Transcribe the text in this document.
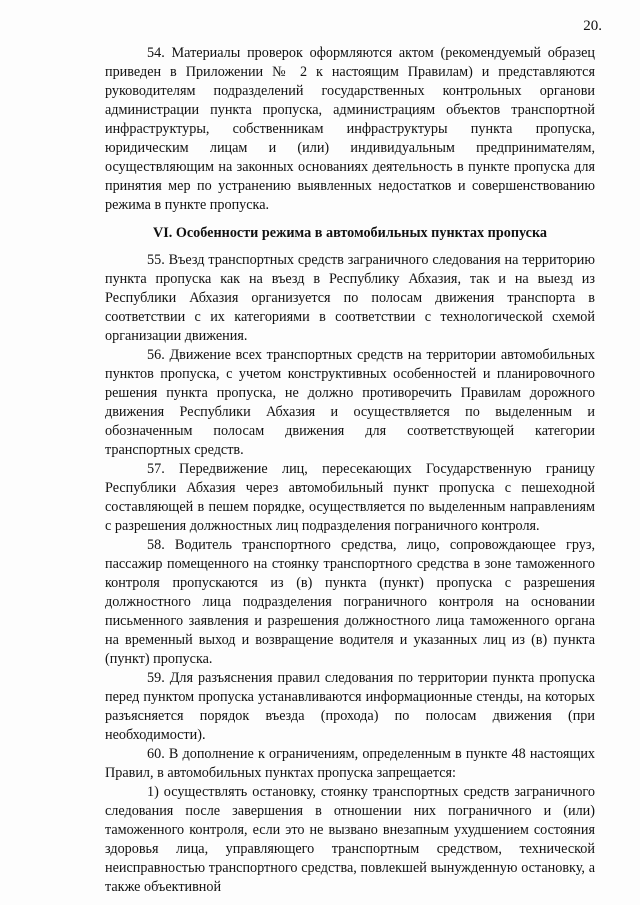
20.

54. Материалы проверок оформляются актом (рекомендуемый образец приведен в Приложении № 2 к настоящим Правилам) и представляются руководителям подразделений государственных контрольных органови администрации пункта пропуска, администрациям объектов транспортной инфраструктуры, собственникам инфраструктуры пункта пропуска, юридическим лицам и (или) индивидуальным предпринимателям, осуществляющим на законных основаниях деятельность в пункте пропуска для принятия мер по устранению выявленных недостатков и совершенствованию режима в пункте пропуска.

VI. Особенности режима в автомобильных пунктах пропуска

55. Въезд транспортных средств заграничного следования на территорию пункта пропуска как на въезд в Республику Абхазия, так и на выезд из Республики Абхазия организуется по полосам движения транспорта в соответствии с их категориями в соответствии с технологической схемой организации движения.

56. Движение всех транспортных средств на территории автомобильных пунктов пропуска, с учетом конструктивных особенностей и планировочного решения пункта пропуска, не должно противоречить Правилам дорожного движения Республики Абхазия и осуществляется по выделенным и обозначенным полосам движения для соответствующей категории транспортных средств.

57. Передвижение лиц, пересекающих Государственную границу Республики Абхазия через автомобильный пункт пропуска с пешеходной составляющей в пешем порядке, осуществляется по выделенным направлениям с разрешения должностных лиц подразделения пограничного контроля.

58. Водитель транспортного средства, лицо, сопровождающее груз, пассажир помещенного на стоянку транспортного средства в зоне таможенного контроля пропускаются из (в) пункта (пункт) пропуска с разрешения должностного лица подразделения пограничного контроля на основании письменного заявления и разрешения должностного лица таможенного органа на временный выход и возвращение водителя и указанных лиц из (в) пункта (пункт) пропуска.

59. Для разъяснения правил следования по территории пункта пропуска перед пунктом пропуска устанавливаются информационные стенды, на которых разъясняется порядок въезда (прохода) по полосам движения (при необходимости).

60. В дополнение к ограничениям, определенным в пункте 48 настоящих Правил, в автомобильных пунктах пропуска запрещается:

1) осуществлять остановку, стоянку транспортных средств заграничного следования после завершения в отношении них пограничного и (или) таможенного контроля, если это не вызвано внезапным ухудшением состояния здоровья лица, управляющего транспортным средством, технической неисправностью транспортного средства, повлекшей вынужденную остановку, а также объективной
